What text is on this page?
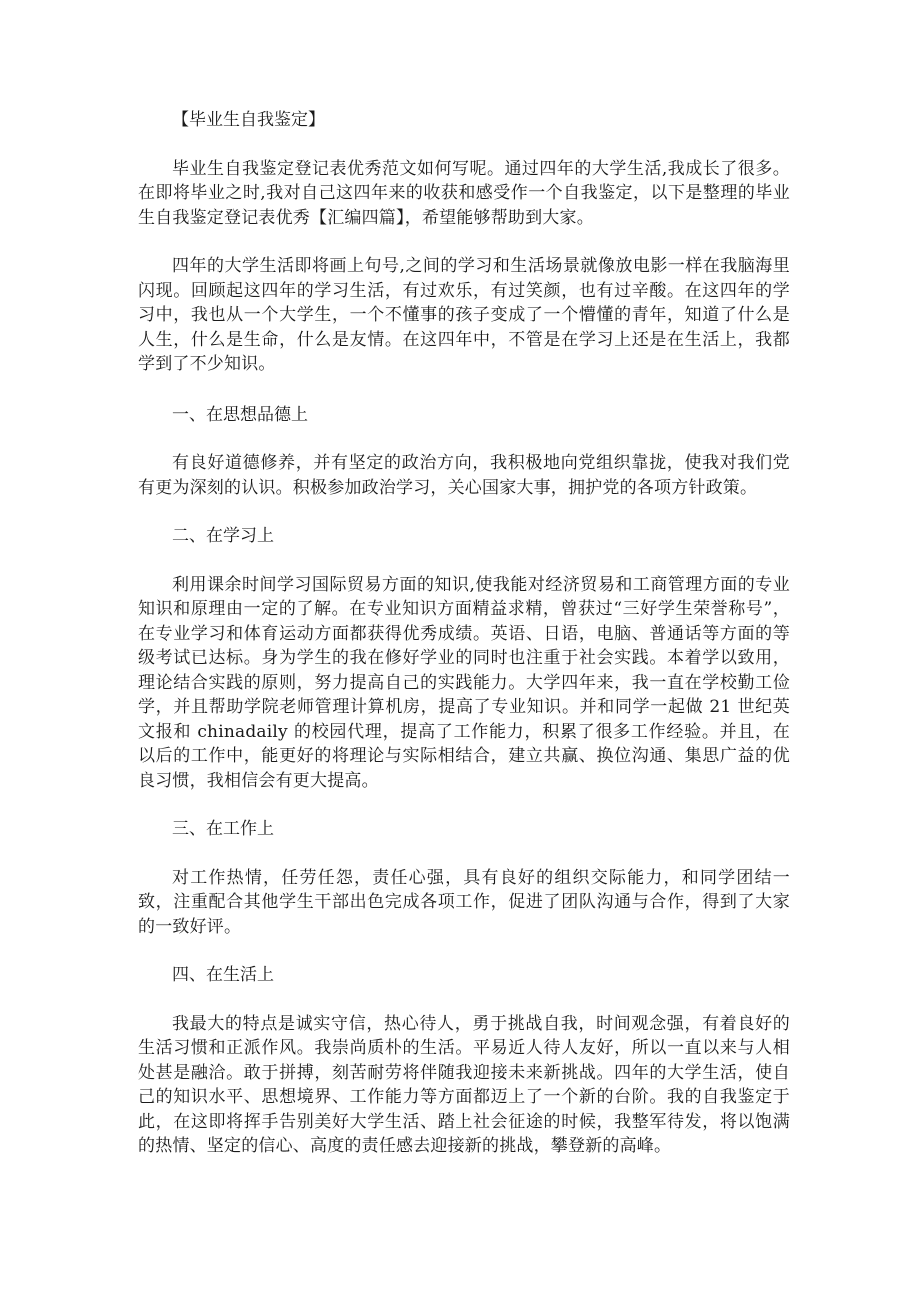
【毕业生自我鉴定】

毕业生自我鉴定登记表优秀范文如何写呢。通过四年的大学生活,我成长了很多。在即将毕业之时,我对自己这四年来的收获和感受作一个自我鉴定，以下是整理的毕业生自我鉴定登记表优秀【汇编四篇】，希望能够帮助到大家。

四年的大学生活即将画上句号,之间的学习和生活场景就像放电影一样在我脑海里闪现。回顾起这四年的学习生活，有过欢乐，有过笑颜，也有过辛酸。在这四年的学习中，我也从一个大学生，一个不懂事的孩子变成了一个懵懂的青年，知道了什么是人生，什么是生命，什么是友情。在这四年中，不管是在学习上还是在生活上，我都学到了不少知识。

一、在思想品德上

有良好道德修养，并有坚定的政治方向，我积极地向党组织靠拢，使我对我们党有更为深刻的认识。积极参加政治学习，关心国家大事，拥护党的各项方针政策。

二、在学习上

利用课余时间学习国际贸易方面的知识,使我能对经济贸易和工商管理方面的专业知识和原理由一定的了解。在专业知识方面精益求精，曾获过“三好学生荣誉称号”，在专业学习和体育运动方面都获得优秀成绩。英语、日语，电脑、普通话等方面的等级考试已达标。身为学生的我在修好学业的同时也注重于社会实践。本着学以致用，理论结合实践的原则，努力提高自己的实践能力。大学四年来，我一直在学校勤工俭学，并且帮助学院老师管理计算机房，提高了专业知识。并和同学一起做 21 世纪英文报和 chinadaily 的校园代理，提高了工作能力，积累了很多工作经验。并且，在以后的工作中，能更好的将理论与实际相结合，建立共赢、换位沟通、集思广益的优良习惯，我相信会有更大提高。

三、在工作上

对工作热情，任劳任怨，责任心强，具有良好的组织交际能力，和同学团结一致，注重配合其他学生干部出色完成各项工作，促进了团队沟通与合作，得到了大家的一致好评。

四、在生活上

我最大的特点是诚实守信，热心待人，勇于挑战自我，时间观念强，有着良好的生活习惯和正派作风。我崇尚质朴的生活。平易近人待人友好，所以一直以来与人相处甚是融洽。敢于拼搏，刻苦耐劳将伴随我迎接未来新挑战。四年的大学生活，使自己的知识水平、思想境界、工作能力等方面都迈上了一个新的台阶。我的自我鉴定于此，在这即将挥手告别美好大学生活、踏上社会征途的时候，我整军待发，将以饱满的热情、坚定的信心、高度的责任感去迎接新的挑战，攀登新的高峰。
